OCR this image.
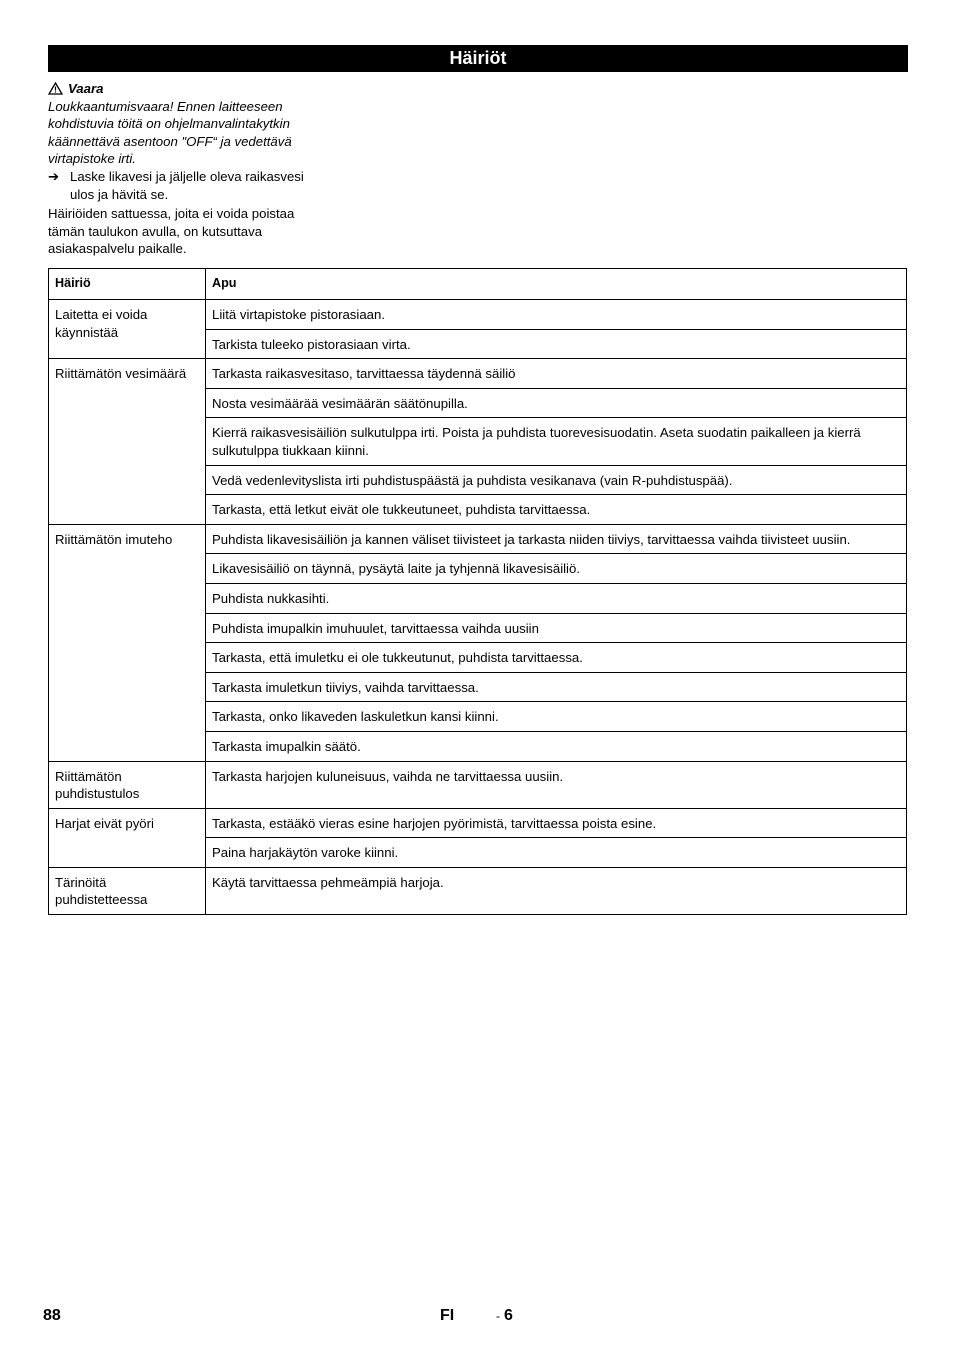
Häiriöt
Vaara
Loukkaantumisvaara! Ennen laitteeseen kohdistuvia töitä on ohjelmanvalintakytkin käännettävä asentoon "OFF“ ja vedettävä virtapistoke irti.
➔ Laske likavesi ja jäljelle oleva raikasvesi ulos ja hävitä se.
Häiriöiden sattuessa, joita ei voida poistaa tämän taulukon avulla, on kutsuttava asiakaspalvelu paikalle.
Häiriö	Apu
Laitetta ei voida käynnistää	Liitä virtapistoke pistorasiaan.
	Tarkista tuleeko pistorasiaan virta.
Riittämätön vesimäärä	Tarkasta raikasvesitaso, tarvittaessa täydennä säiliö
	Nosta vesimäärää vesimäärän säätönupilla.
	Kierrä raikasvesisäiliön sulkutulppa irti. Poista ja puhdista tuorevesisuodatin. Aseta suodatin paikalleen ja kierrä sulkutulppa tiukkaan kiinni.
	Vedä vedenlevityslista irti puhdistuspäästä ja puhdista vesikanava (vain R-puhdistuspää).
	Tarkasta, että letkut eivät ole tukkeutuneet, puhdista tarvittaessa.
Riittämätön imuteho	Puhdista likavesisäiliön ja kannen väliset tiivisteet ja tarkasta niiden tiiviys, tarvittaessa vaihda tiivisteet uusiin.
	Likavesisäiliö on täynnä, pysäytä laite ja tyhjennä likavesisäiliö.
	Puhdista nukkasihti.
	Puhdista imupalkin imuhuulet, tarvittaessa vaihda uusiin
	Tarkasta, että imuletku ei ole tukkeutunut, puhdista tarvittaessa.
	Tarkasta imuletkun tiiviys, vaihda tarvittaessa.
	Tarkasta, onko likaveden laskuletkun kansi kiinni.
	Tarkasta imupalkin säätö.
Riittämätön puhdistustulos	Tarkasta harjojen kuluneisuus, vaihda ne tarvittaessa uusiin.
Harjat eivät pyöri	Tarkasta, estääkö vieras esine harjojen pyörimistä, tarvittaessa poista esine.
	Paina harjakäytön varoke kiinni.
Tärinöitä puhdistetteessa	Käytä tarvittaessa pehmeämpiä harjoja.
88	FI	- 6
